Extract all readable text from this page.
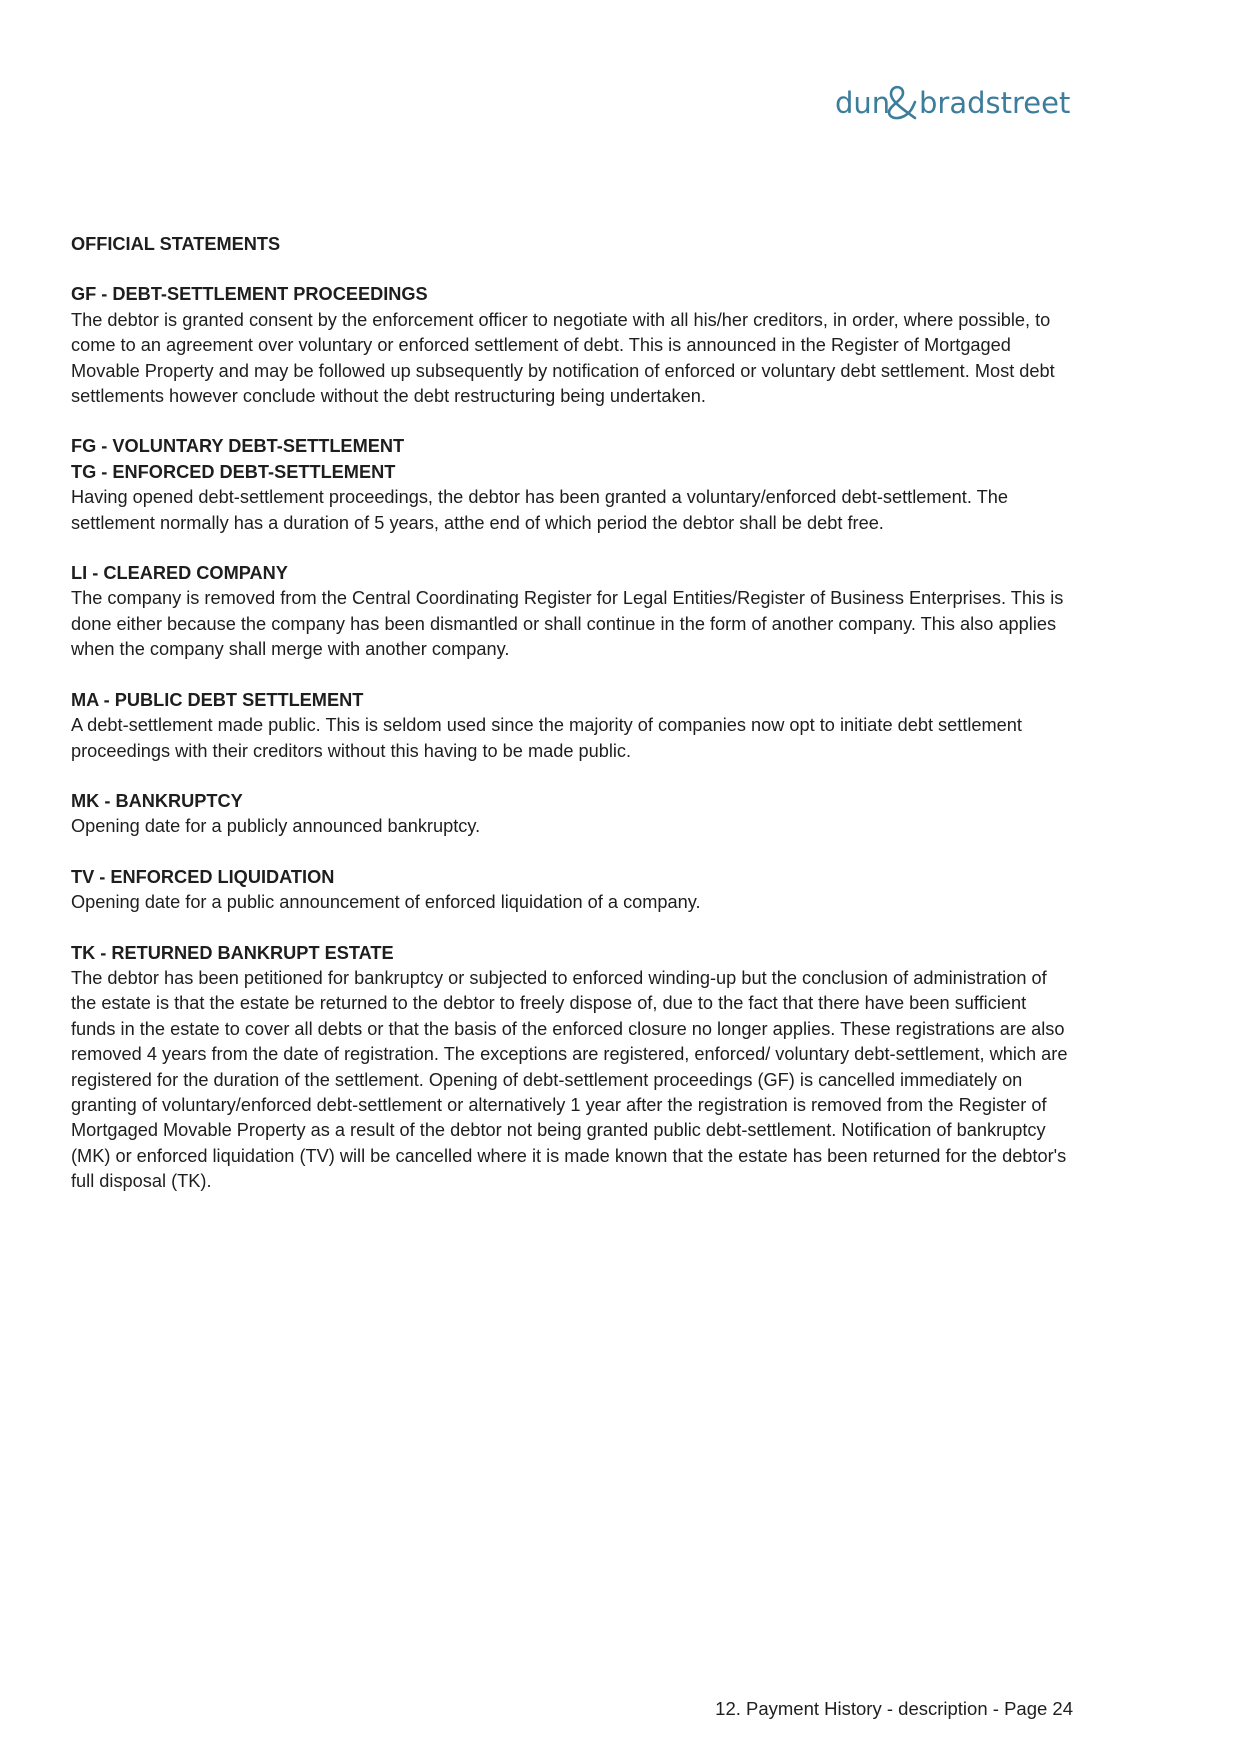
dun bradstreet
OFFICIAL STATEMENTS
GF - DEBT-SETTLEMENT PROCEEDINGS
The debtor is granted consent by the enforcement officer to negotiate with all his/her creditors, in order, where possible, to come to an agreement over voluntary or enforced settlement of debt. This is announced in the Register of Mortgaged Movable Property and may be followed up subsequently by notification of enforced or voluntary debt settlement. Most debt settlements however conclude without the debt restructuring being undertaken.
FG - VOLUNTARY DEBT-SETTLEMENT
TG - ENFORCED DEBT-SETTLEMENT
Having opened debt-settlement proceedings, the debtor has been granted a voluntary/enforced debt-settlement. The settlement normally has a duration of 5 years, atthe end of which period the debtor shall be debt free.
LI - CLEARED COMPANY
The company is removed from the Central Coordinating Register for Legal Entities/Register of Business Enterprises. This is done either because the company has been dismantled or shall continue in the form of another company. This also applies when the company shall merge with another company.
MA - PUBLIC DEBT SETTLEMENT
A debt-settlement made public. This is seldom used since the majority of companies now opt to initiate debt settlement proceedings with their creditors without this having to be made public.
MK - BANKRUPTCY
Opening date for a publicly announced bankruptcy.
TV - ENFORCED LIQUIDATION
Opening date for a public announcement of enforced liquidation of a company.
TK - RETURNED BANKRUPT ESTATE
The debtor has been petitioned for bankruptcy or subjected to enforced winding-up but the conclusion of administration of the estate is that the estate be returned to the debtor to freely dispose of, due to the fact that there have been sufficient funds in the estate to cover all debts or that the basis of the enforced closure no longer applies. These registrations are also removed 4 years from the date of registration. The exceptions are registered, enforced/ voluntary debt-settlement, which are registered for the duration of the settlement. Opening of debt-settlement proceedings (GF) is cancelled immediately on granting of voluntary/enforced debt-settlement or alternatively 1 year after the registration is removed from the Register of Mortgaged Movable Property as a result of the debtor not being granted public debt-settlement. Notification of bankruptcy (MK) or enforced liquidation (TV) will be cancelled where it is made known that the estate has been returned for the debtor's full disposal (TK).
12. Payment History - description - Page 24
